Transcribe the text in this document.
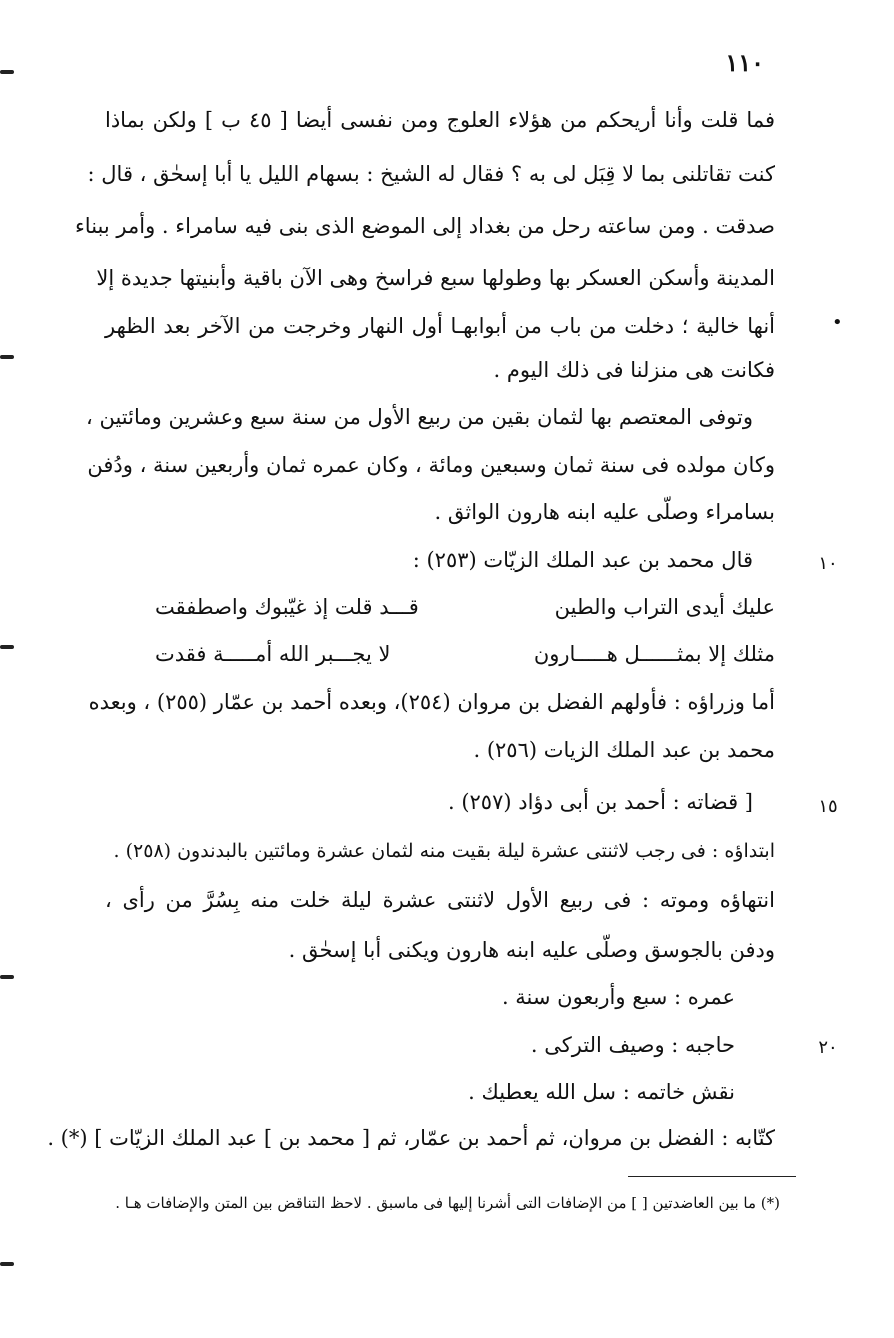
١١٠
•
١٠
١٥
٢٠
فما قلت وأنا أريحكم من هؤلاء العلوج ومن نفسى أيضا [ ٤٥ ب ] ولكن بماذا
كنت تقاتلنى بما لا قِبَل لى به ؟ فقال له الشيخ : بسهام الليل يا أبا إسحٰق ، قال :
صدقت . ومن ساعته رحل من بغداد إلى الموضع الذى بنى فيه سامراء . وأمر ببناء
المدينة وأسكن العسكر بها وطولها سبع فراسخ وهى الآن باقية وأبنيتها جديدة إلا
أنها خالية ؛ دخلت من باب من أبوابهـا أول النهار وخرجت من الآخر بعد الظهر
فكانت هى منزلنا فى ذلك اليوم .
وتوفى المعتصم بها لثمان بقين من ربيع الأول من سنة سبع وعشرين ومائتين ،
وكان مولده فى سنة ثمان وسبعين ومائة ، وكان عمره ثمان وأربعين سنة ، ودُفن
بسامراء وصلّى عليه ابنه هارون الواثق .
قال محمد بن عبد الملك الزيّات (٢٥٣) :
قـــد قلت إذ غيّبوك واصطفقت	عليك أيدى التراب والطين
لا يجـــبر الله أمـــــة فقدت	مثلك إلا بمثــــــل هـــــارون
أما وزراؤه : فأولهم الفضل بن مروان (٢٥٤)، وبعده أحمد بن عمّار (٢٥٥) ، وبعده
محمد بن عبد الملك الزيات (٢٥٦) .
[ قضاته : أحمد بن أبى دؤاد (٢٥٧) .
ابتداؤه : فى رجب لاثنتى عشرة ليلة بقيت منه لثمان عشرة ومائتين بالبدندون (٢٥٨) .
انتهاؤه وموته : فى ربيع الأول لاثنتى عشرة ليلة خلت منه بِسُرَّ من رأى ،
ودفن بالجوسق وصلّى عليه ابنه هارون ويكنى أبا إسحٰق .
عمره : سبع وأربعون سنة .
حاجبه : وصيف التركى .
نقش خاتمه : سل الله يعطيك .
كتّابه : الفضل بن مروان، ثم أحمد بن عمّار، ثم [ محمد بن ] عبد الملك الزيّات ] (*) .
(*) ما بين العاضدتين [ ] من الإضافات التى أشرنا إليها فى ماسبق . لاحظ التناقض بين المتن والإضافات هـا .
